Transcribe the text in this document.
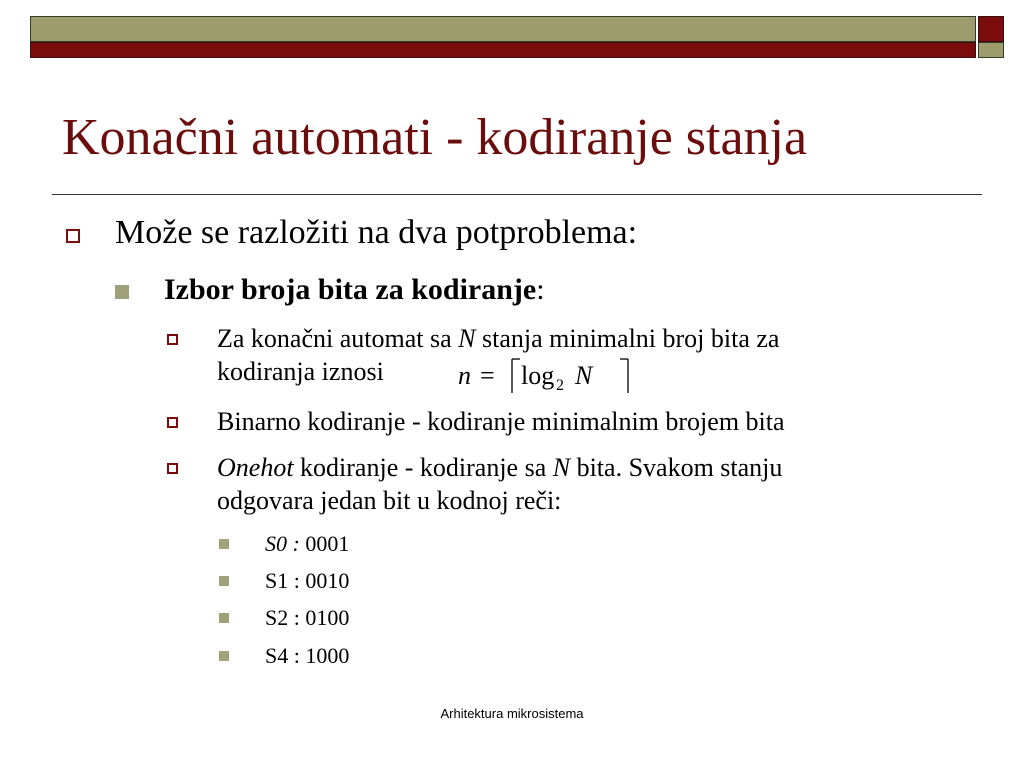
Konačni automati - kodiranje stanja
Može se razložiti na dva potproblema:
Izbor broja bita za kodiranje:
Za konačni automat sa N stanja minimalni broj bita za
kodiranja iznosi	n = log 2 N
Binarno kodiranje - kodiranje minimalnim brojem bita
Onehot kodiranje - kodiranje sa N bita. Svakom stanju
odgovara jedan bit u kodnoj reči:
S0 : 0001
S1 : 0010
S2 : 0100
S4 : 1000
Arhitektura mikrosistema
